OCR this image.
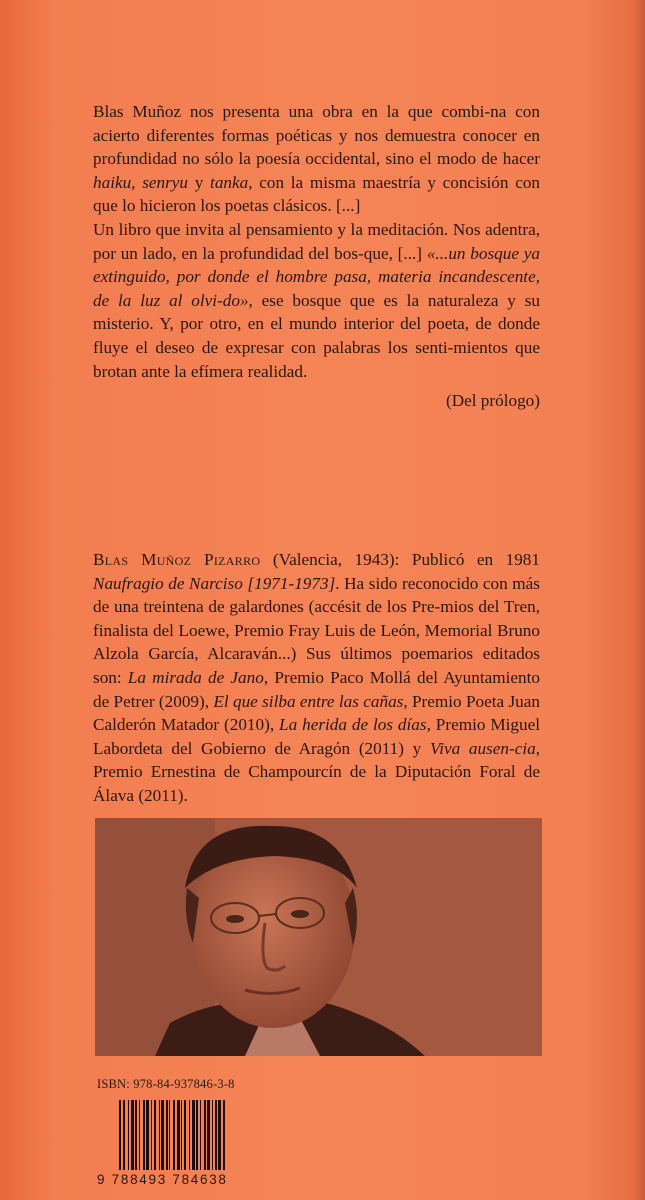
Blas Muñoz nos presenta una obra en la que combi-na con acierto diferentes formas poéticas y nos demuestra conocer en profundidad no sólo la poesía occidental, sino el modo de hacer haiku, senryu y tanka, con la misma maestría y concisión con que lo hicieron los poetas clásicos. [...]

Un libro que invita al pensamiento y la meditación. Nos adentra, por un lado, en la profundidad del bos-que, [...] «...un bosque ya extinguido, por donde el hombre pasa, materia incandescente, de la luz al olvi-do», ese bosque que es la naturaleza y su misterio. Y, por otro, en el mundo interior del poeta, de donde fluye el deseo de expresar con palabras los senti-mientos que brotan ante la efímera realidad.

(Del prólogo)

Blas Muñoz Pizarro (Valencia, 1943): Publicó en 1981 Naufragio de Narciso [1971-1973]. Ha sido reconocido con más de una treintena de galardones (accésit de los Pre-mios del Tren, finalista del Loewe, Premio Fray Luis de León, Memorial Bruno Alzola García, Alcaraván...) Sus últimos poemarios editados son: La mirada de Jano, Premio Paco Mollá del Ayuntamiento de Petrer (2009), El que silba entre las cañas, Premio Poeta Juan Calderón Matador (2010), La herida de los días, Premio Miguel Labordeta del Gobierno de Aragón (2011) y Viva ausen-cia, Premio Ernestina de Champourcín de la Diputación Foral de Álava (2011).

ISBN: 978-84-937846-3-8
9 788493 784638
